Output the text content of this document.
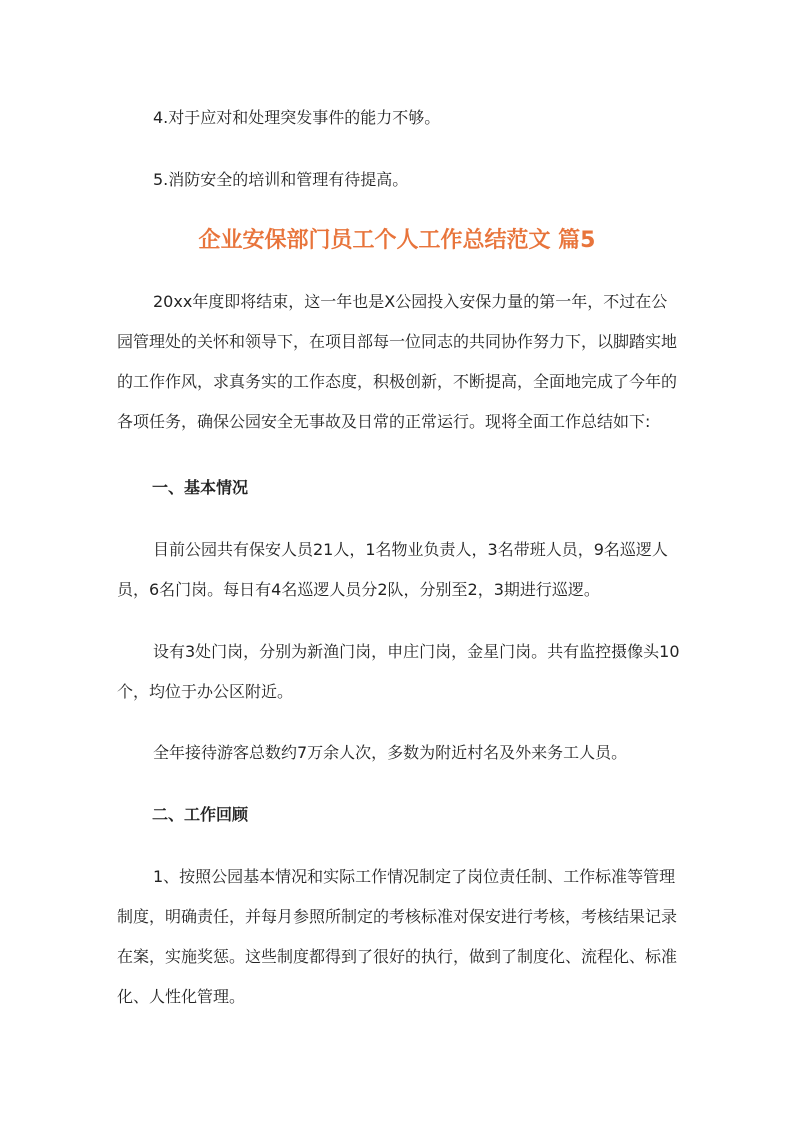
4.对于应对和处理突发事件的能力不够。

5.消防安全的培训和管理有待提高。

企业安保部门员工个人工作总结范文 篇5

20xx年度即将结束，这一年也是X公园投入安保力量的第一年，不过在公园管理处的关怀和领导下，在项目部每一位同志的共同协作努力下，以脚踏实地的工作作风，求真务实的工作态度，积极创新，不断提高，全面地完成了今年的各项任务，确保公园安全无事故及日常的正常运行。现将全面工作总结如下:

一、基本情况

目前公园共有保安人员21人，1名物业负责人，3名带班人员，9名巡逻人员，6名门岗。每日有4名巡逻人员分2队，分别至2，3期进行巡逻。

设有3处门岗，分别为新渔门岗，申庄门岗，金星门岗。共有监控摄像头10个，均位于办公区附近。

全年接待游客总数约7万余人次，多数为附近村名及外来务工人员。

二、工作回顾

1、按照公园基本情况和实际工作情况制定了岗位责任制、工作标准等管理制度，明确责任，并每月参照所制定的考核标准对保安进行考核，考核结果记录在案，实施奖惩。这些制度都得到了很好的执行，做到了制度化、流程化、标准化、人性化管理。
